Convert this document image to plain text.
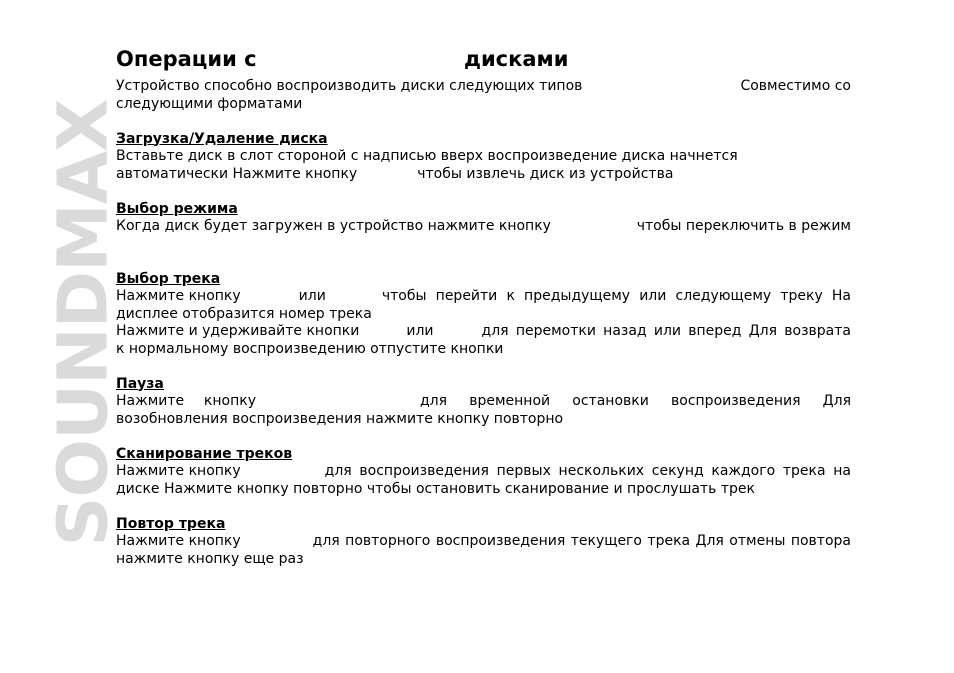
SOUNDMAX
Операции с	дисками
Устройство способно воспроизводить диски следующих типов	Совместимо со
следующими форматами
Загрузка/Удаление диска
Вставьте диск в слот стороной с надписью вверх воспроизведение диска начнется
автоматически Нажмите кнопку	чтобы извлечь диск из устройства
Выбор режима
Когда диск будет загружен в устройство нажмите кнопку	чтобы переключить в режим
Выбор трека
Нажмите кнопку	или	чтобы перейти к предыдущему или следующему треку На
дисплее отобразится номер трека
Нажмите и удерживайте кнопки	или	для перемотки назад или вперед Для возврата
к нормальному воспроизведению отпустите кнопки
Пауза
Нажмите кнопку	для временной остановки воспроизведения Для
возобновления воспроизведения нажмите кнопку повторно
Сканирование треков
Нажмите кнопку	для воспроизведения первых нескольких секунд каждого трека на
диске Нажмите кнопку повторно чтобы остановить сканирование и прослушать трек
Повтор трека
Нажмите кнопку	для повторного воспроизведения текущего трека Для отмены повтора
нажмите кнопку еще раз
